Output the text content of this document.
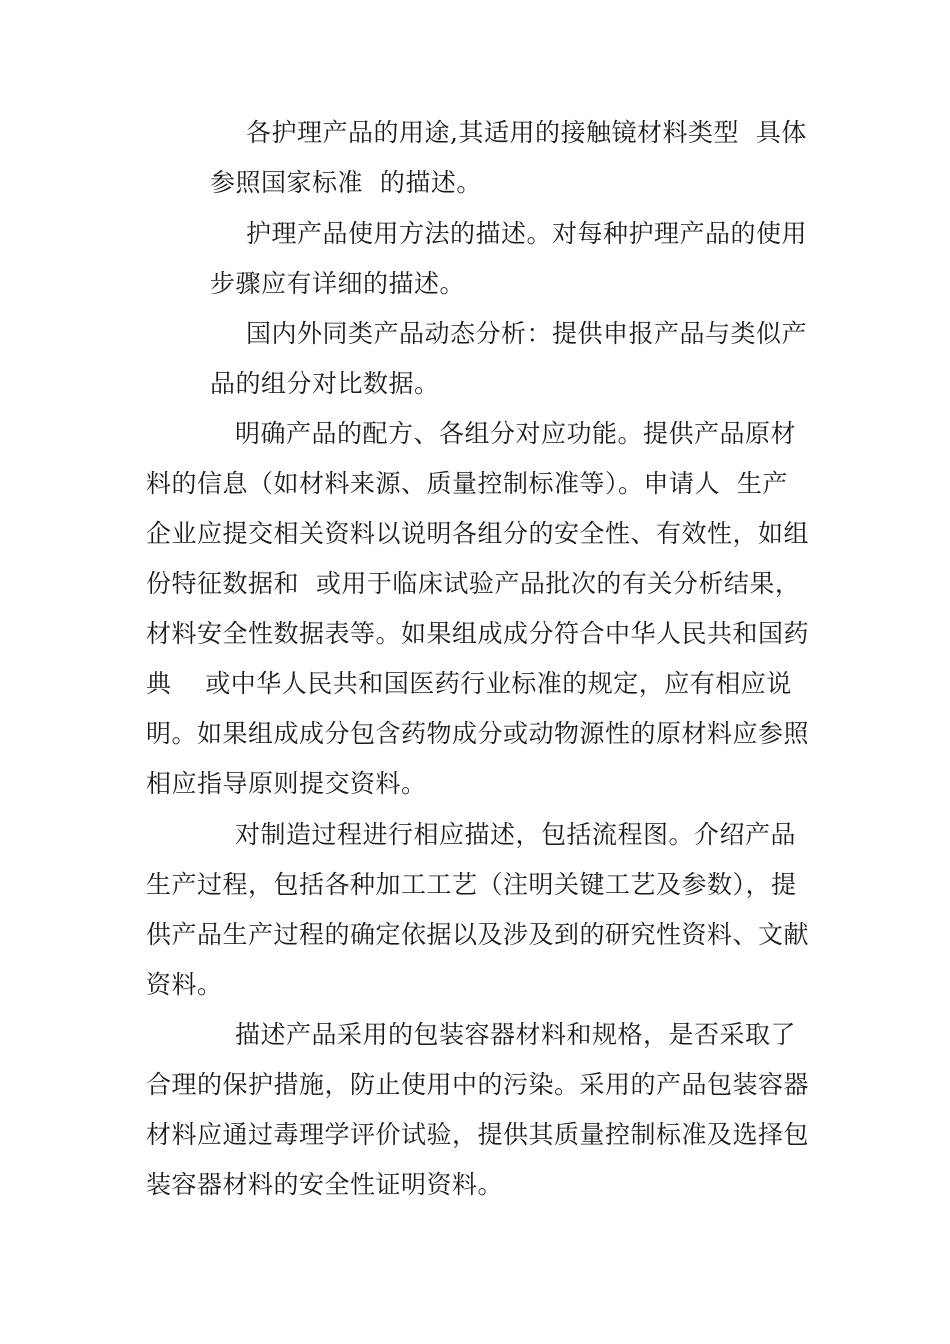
各护理产品的用途,其适用的接触镜材料类型  具体
参照国家标准  的描述。
护理产品使用方法的描述。对每种护理产品的使用
步骤应有详细的描述。
国内外同类产品动态分析：提供申报产品与类似产
品的组分对比数据。
明确产品的配方、各组分对应功能。提供产品原材
料的信息（如材料来源、质量控制标准等）。申请人  生产
企业应提交相关资料以说明各组分的安全性、有效性，如组
份特征数据和  或用于临床试验产品批次的有关分析结果，
材料安全性数据表等。如果组成成分符合中华人民共和国药
典    或中华人民共和国医药行业标准的规定，应有相应说
明。如果组成成分包含药物成分或动物源性的原材料应参照
相应指导原则提交资料。
对制造过程进行相应描述，包括流程图。介绍产品
生产过程，包括各种加工工艺（注明关键工艺及参数），提
供产品生产过程的确定依据以及涉及到的研究性资料、文献
资料。
描述产品采用的包装容器材料和规格，是否采取了
合理的保护措施，防止使用中的污染。采用的产品包装容器
材料应通过毒理学评价试验，提供其质量控制标准及选择包
装容器材料的安全性证明资料。
